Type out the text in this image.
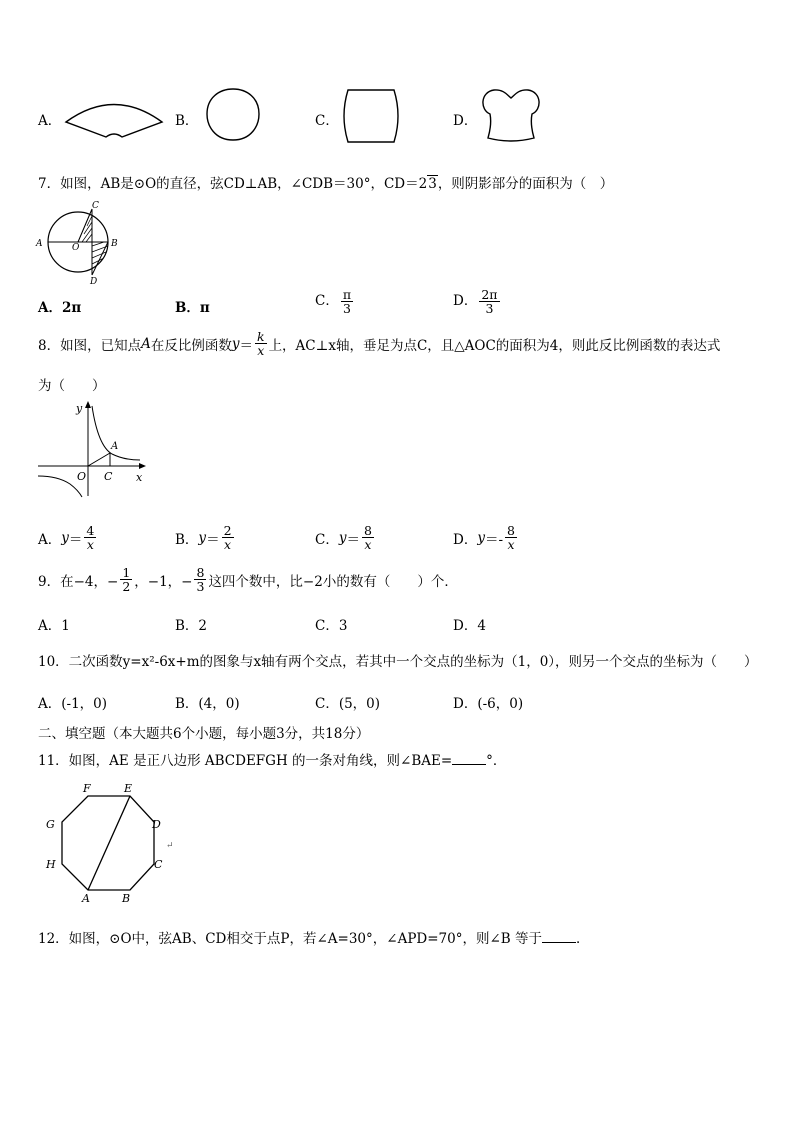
A．	B．	C．	D．
7．如图，AB是⊙O的直径，弦CD⊥AB，∠CDB＝30°，CD＝23，则阴影部分的面积为（　）
A	O	B
C
D
A．2π	B．π	C． $\frac{\pi}{3}$	D． $\frac{2\pi}{3}$
8． 如图，已知点 A 在反比例函数 $y = \frac{k}{x}$ 上，AC⊥x轴，垂足为点C，且△AOC的面积为4，则此反比例函数的表达式
为（　　）
y
A
O C x
A． $y = \frac{4}{x}$	B． $y = \frac{2}{x}$	C． $y = \frac{8}{x}$	D． $y =- \frac{8}{x}$
9． 在−4，− $\frac{1}{2}$ ，−1，− $\frac{8}{3}$ 这四个数中，比−2小的数有（　　）个．
A．1	B．2	C．3	D．4
10．二次函数y=x²-6x+m的图象与x轴有两个交点，若其中一个交点的坐标为（1，0），则另一个交点的坐标为（　　）
A．(-1，0)	B．(4，0)	C．(5，0)	D．(-6，0)
二、填空题（本大题共6个小题，每小题3分，共18分）
11．如图，AE 是正八边形 ABCDEFGH 的一条对角线，则∠BAE=	°．
F	E
G	D
H	C
A	B
↵
12．如图，⊙O中，弦AB、CD相交于点P，若∠A=30°，∠APD=70°，则∠B 等于	．
